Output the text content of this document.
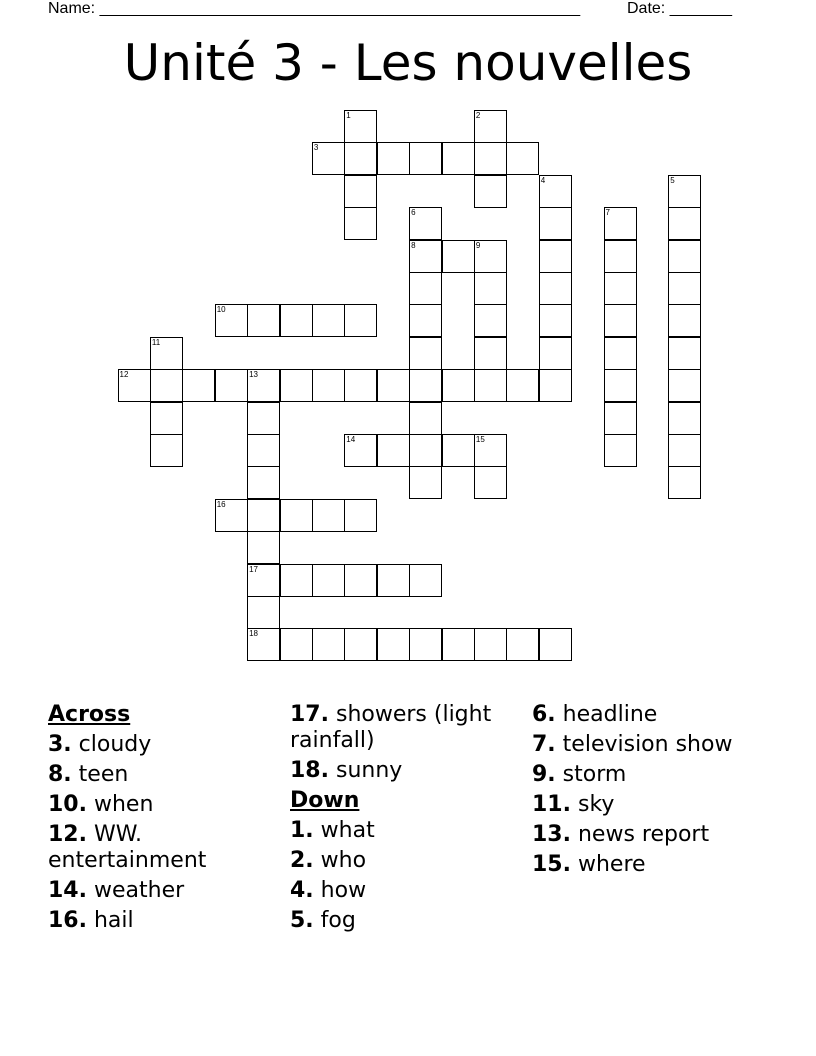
Name: ______________________________________________________	Date: _______
Unité 3 - Les nouvelles
3
8	9
10
12	13
14	15
16
17
18
1	2
4	5
6	7
11
Across
3. cloudy
8. teen
10. when
12. WW. entertainment
14. weather
16. hail
17. showers (light rainfall)
18. sunny
Down
1. what
2. who
4. how
5. fog
6. headline
7. television show
9. storm
11. sky
13. news report
15. where
